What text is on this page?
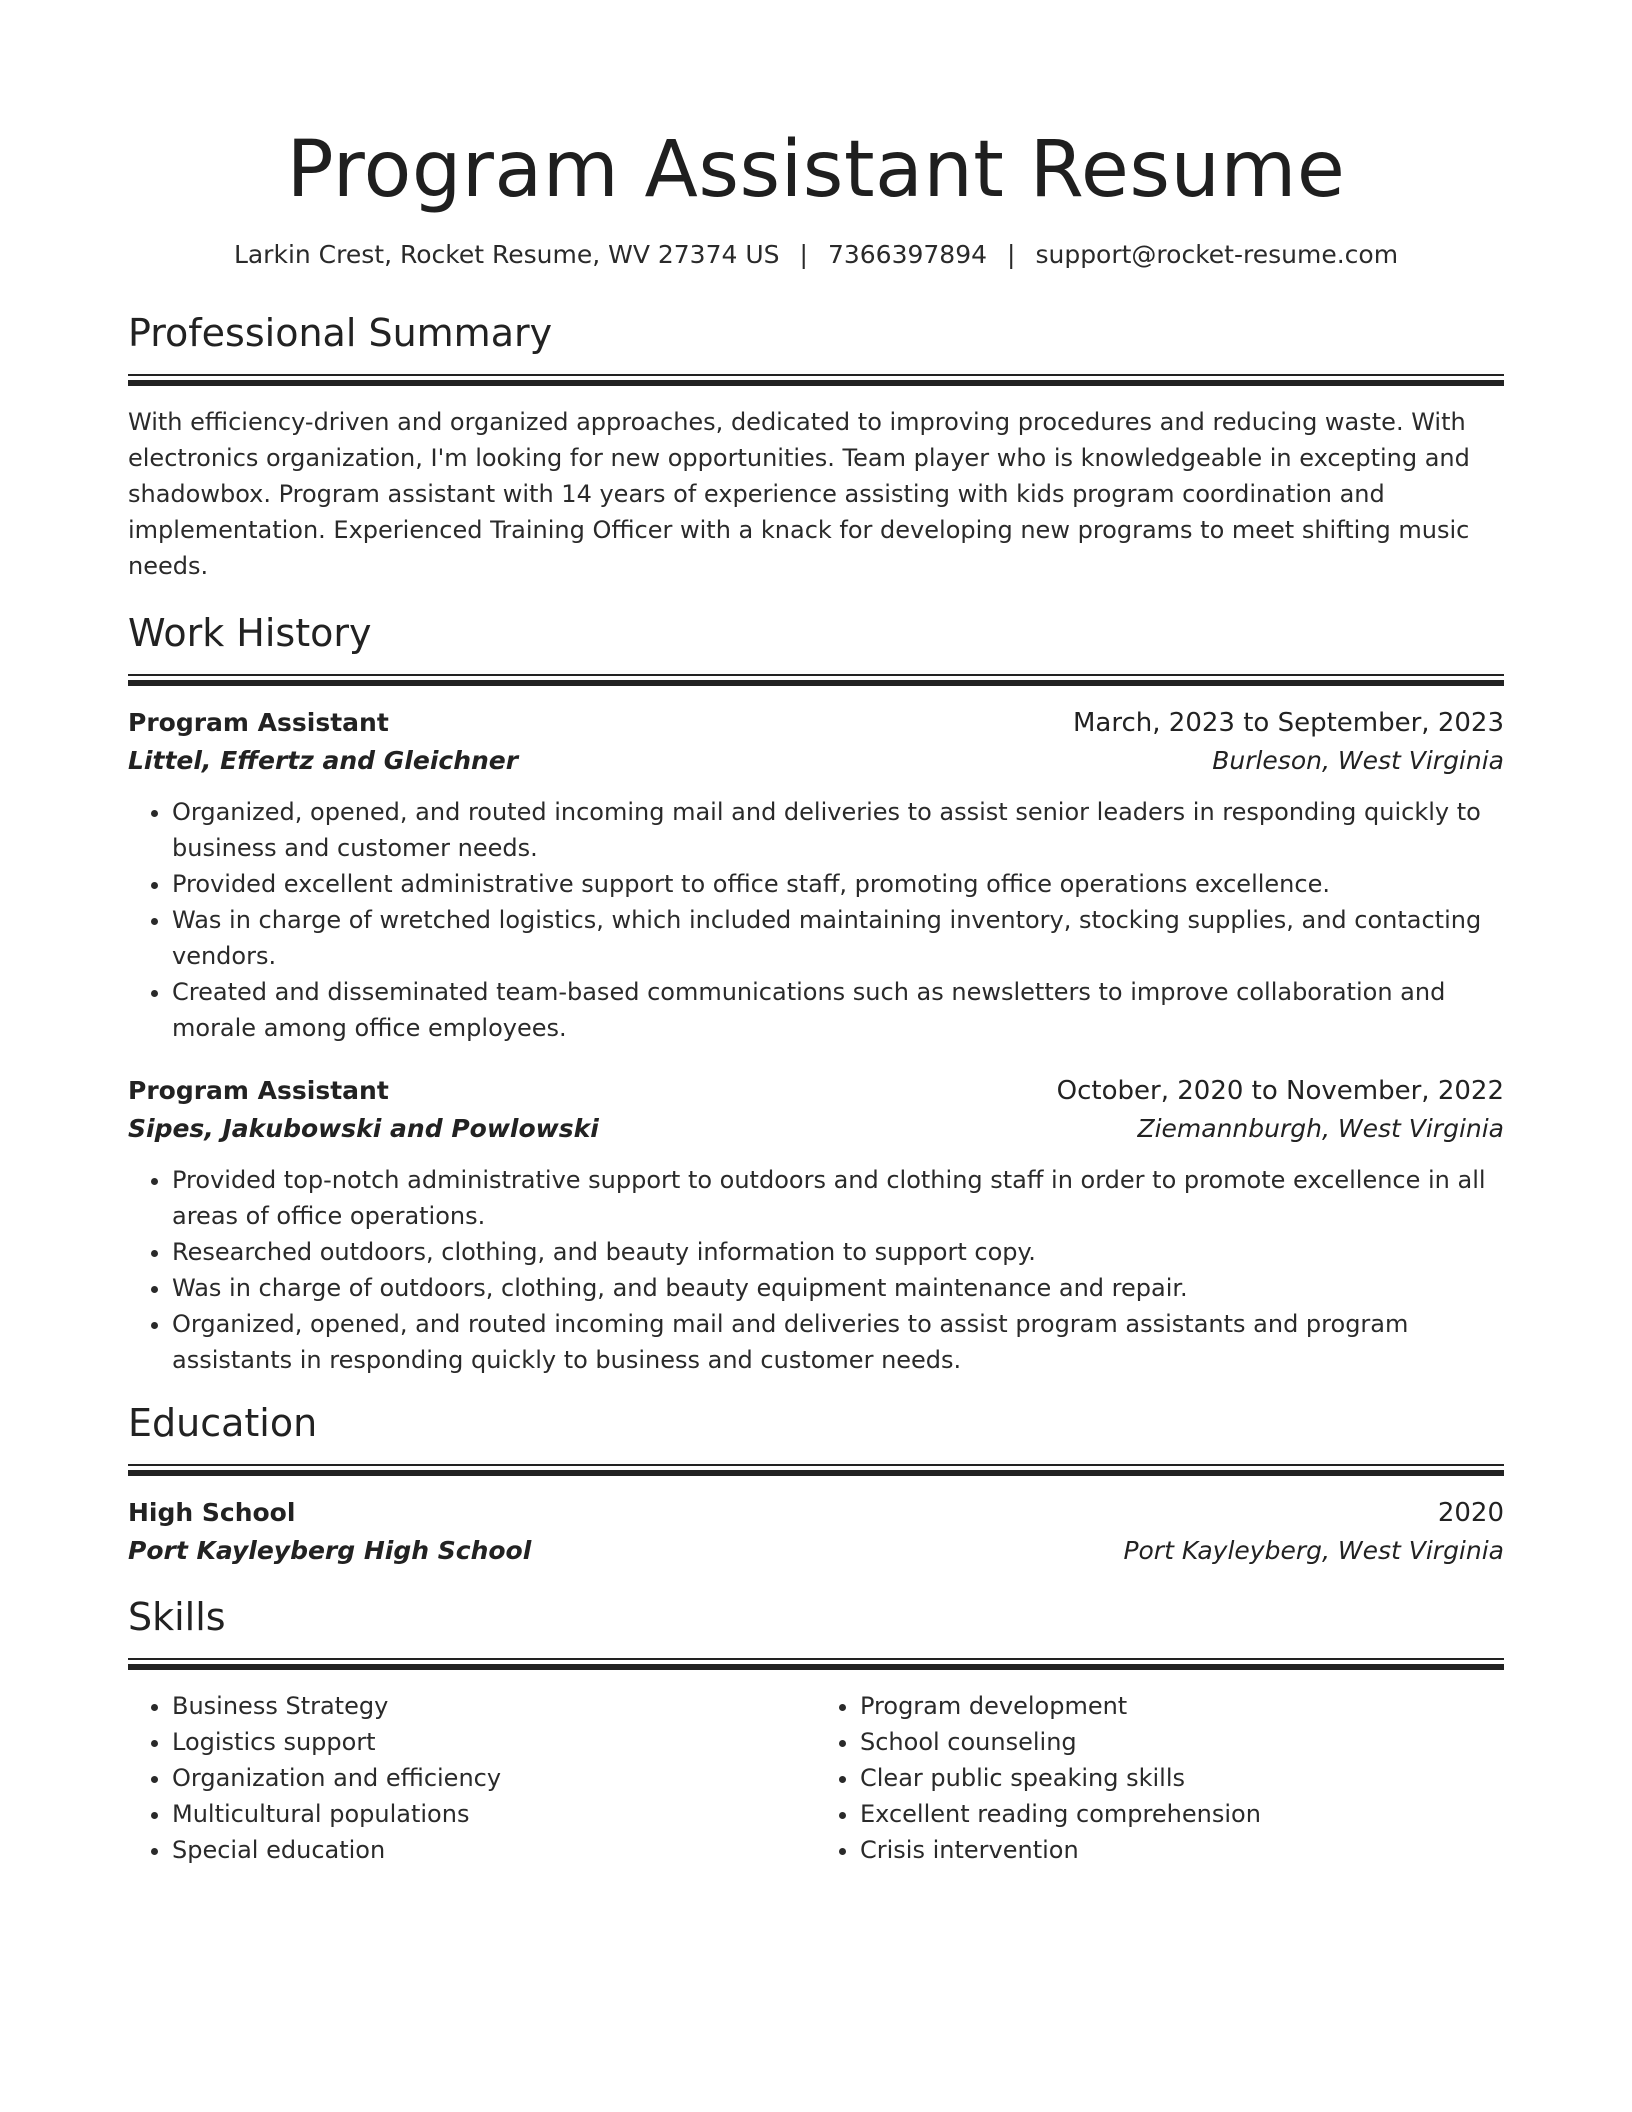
Program Assistant Resume
Larkin Crest, Rocket Resume, WV 27374 US | 7366397894 | support@rocket-resume.com
Professional Summary

With efficiency-driven and organized approaches, dedicated to improving procedures and reducing waste. With electronics organization, I'm looking for new opportunities. Team player who is knowledgeable in excepting and shadowbox. Program assistant with 14 years of experience assisting with kids program coordination and implementation. Experienced Training Officer with a knack for developing new programs to meet shifting music needs.

Work History
Program Assistant	March, 2023 to September, 2023
Littel, Effertz and Gleichner	Burleson, West Virginia
• Organized, opened, and routed incoming mail and deliveries to assist senior leaders in responding quickly to business and customer needs.
• Provided excellent administrative support to office staff, promoting office operations excellence.
• Was in charge of wretched logistics, which included maintaining inventory, stocking supplies, and contacting vendors.
• Created and disseminated team-based communications such as newsletters to improve collaboration and morale among office employees.
Program Assistant	October, 2020 to November, 2022
Sipes, Jakubowski and Powlowski	Ziemannburgh, West Virginia
• Provided top-notch administrative support to outdoors and clothing staff in order to promote excellence in all areas of office operations.
• Researched outdoors, clothing, and beauty information to support copy.
• Was in charge of outdoors, clothing, and beauty equipment maintenance and repair.
• Organized, opened, and routed incoming mail and deliveries to assist program assistants and program assistants in responding quickly to business and customer needs.
Education
High School	2020
Port Kayleyberg High School	Port Kayleyberg, West Virginia
Skills
• Business Strategy
• Logistics support
• Organization and efficiency
• Multicultural populations
• Special education
• Program development
• School counseling
• Clear public speaking skills
• Excellent reading comprehension
• Crisis intervention
